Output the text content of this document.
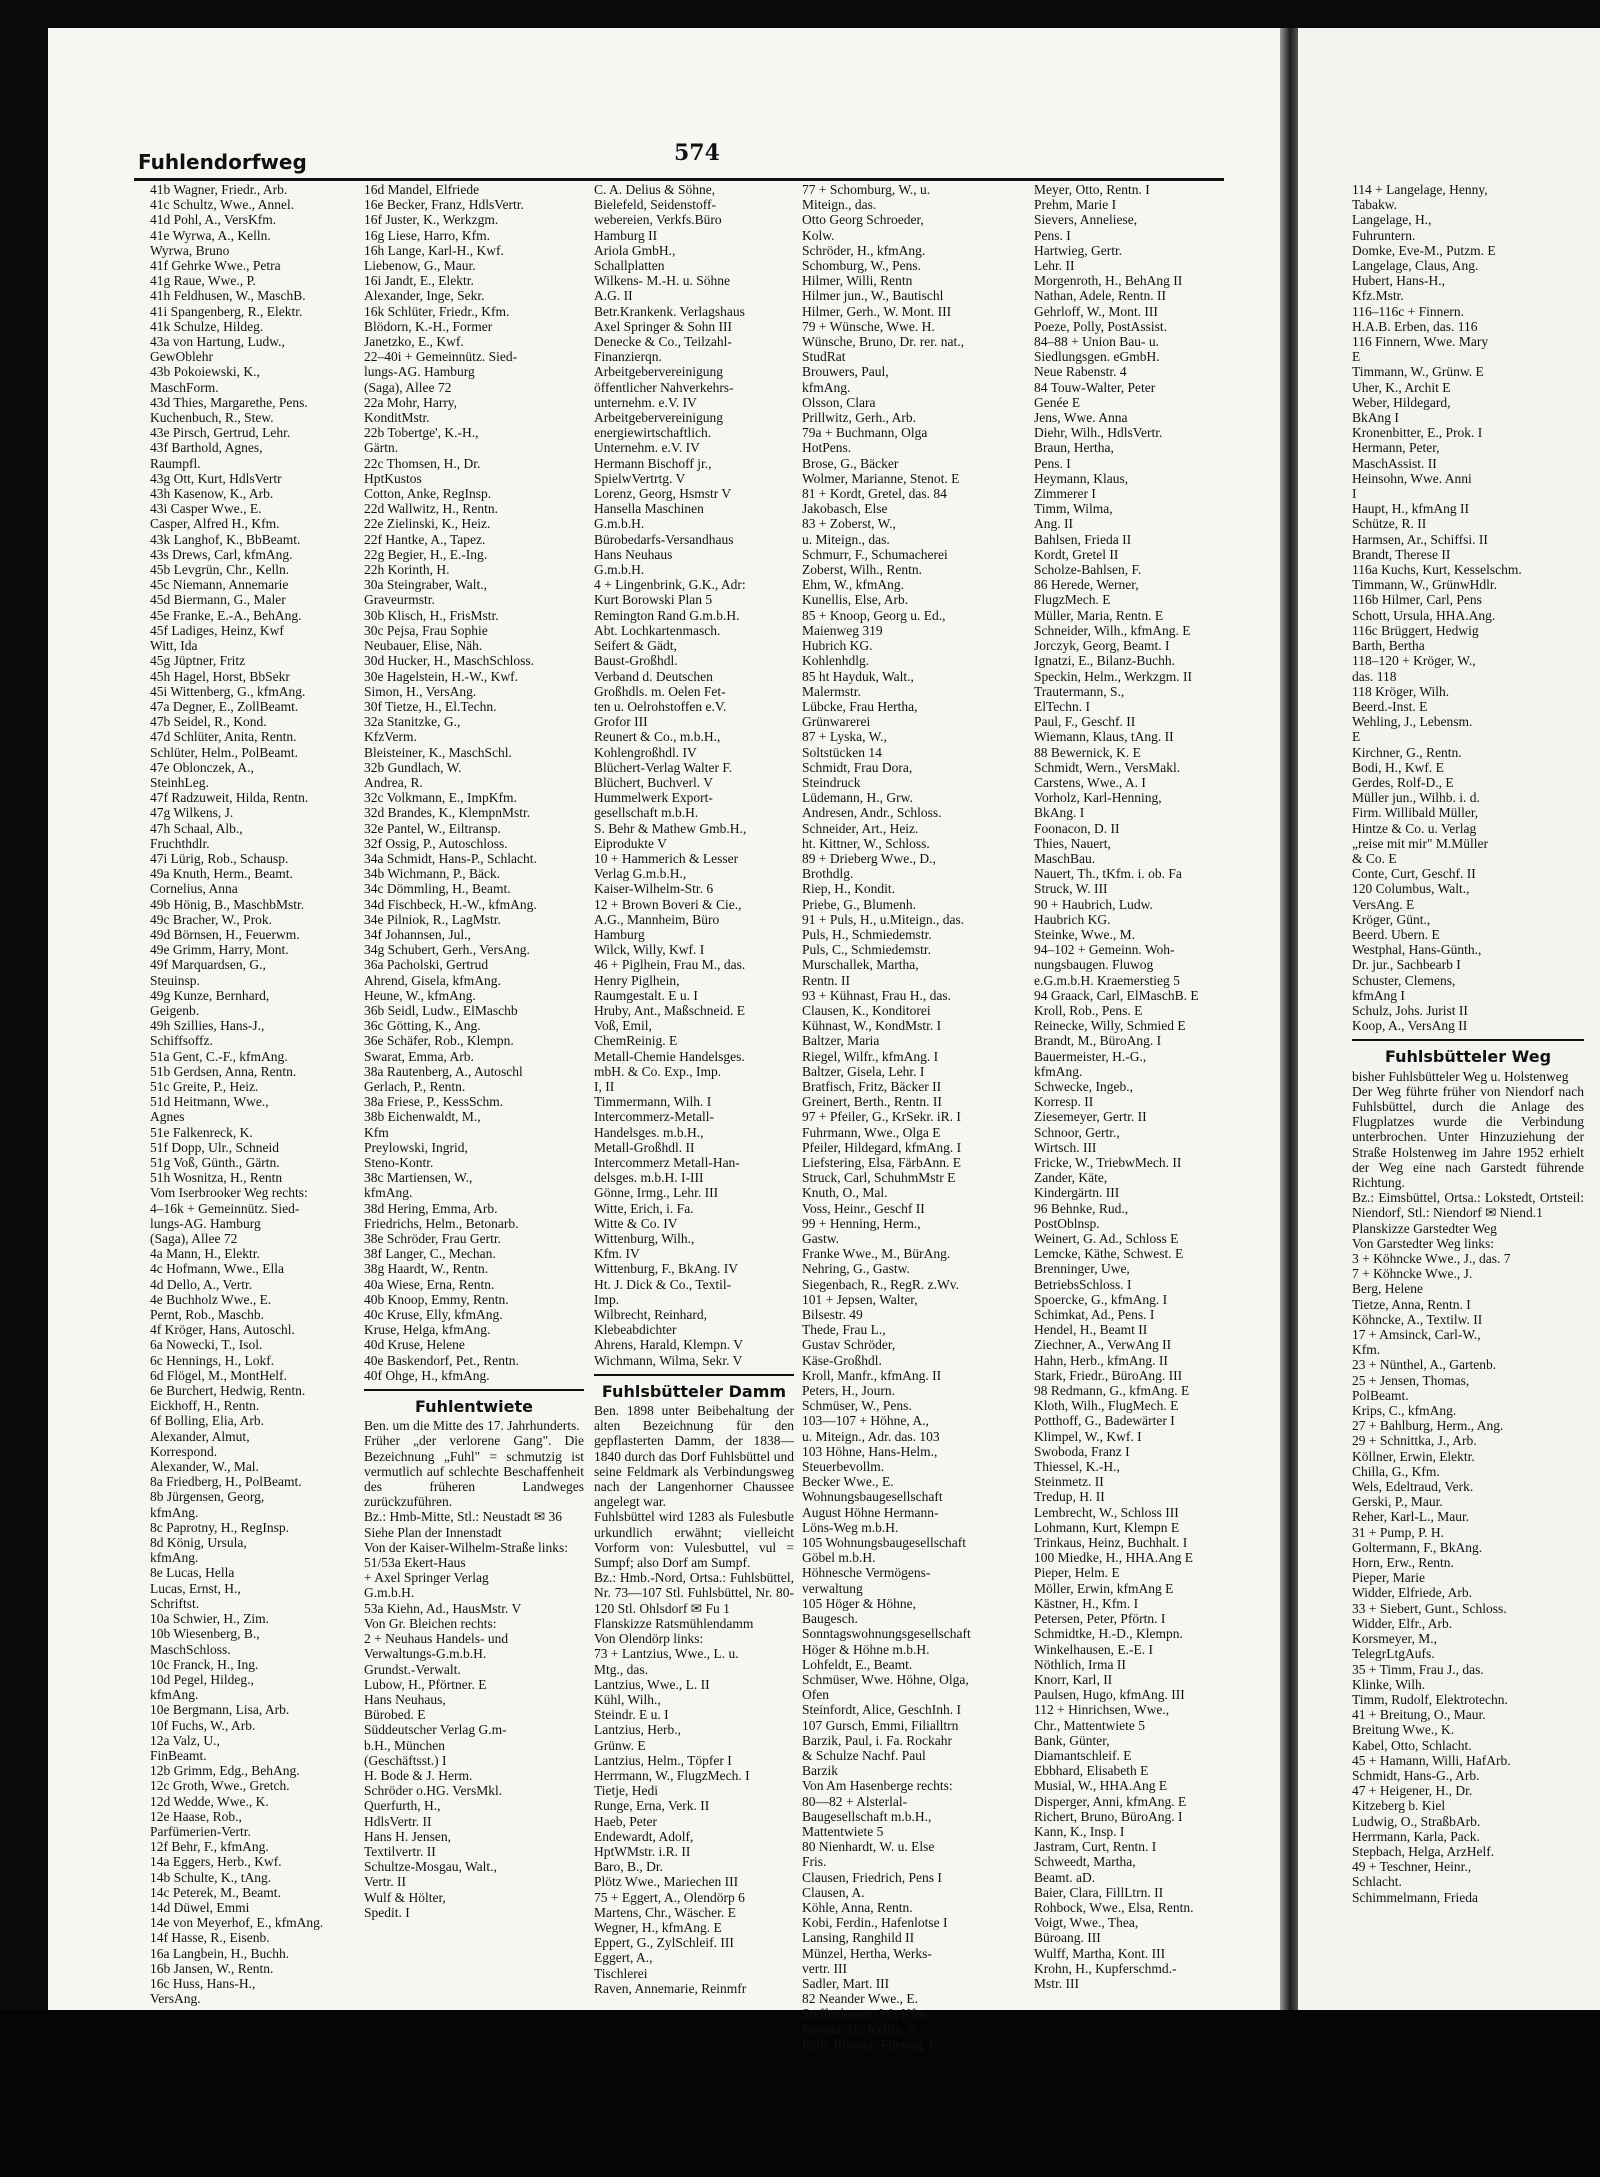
Fuhlendorfweg	574
41b Wagner, Friedr., Arb.
41c Schultz, Wwe., Annel.
41d Pohl, A., VersKfm.
41e Wyrwa, A., Kelln.
Wyrwa, Bruno
41f Gehrke Wwe., Petra
41g Raue, Wwe., P.
41h Feldhusen, W., MaschB.
41i Spangenberg, R., Elektr.
41k Schulze, Hildeg.
43a von Hartung, Ludw.,
GewOblehr
43b Pokoiewski, K.,
MaschForm.
43d Thies, Margarethe, Pens.
Kuchenbuch, R., Stew.
43e Pirsch, Gertrud, Lehr.
43f Barthold, Agnes,
Raumpfl.
43g Ott, Kurt, HdlsVertr
43h Kasenow, K., Arb.
43i Casper Wwe., E.
Casper, Alfred H., Kfm.
43k Langhof, K., BbBeamt.
43s Drews, Carl, kfmAng.
45b Levgrün, Chr., Kelln.
45c Niemann, Annemarie
45d Biermann, G., Maler
45e Franke, E.-A., BehAng.
45f Ladiges, Heinz, Kwf
Witt, Ida
45g Jüptner, Fritz
45h Hagel, Horst, BbSekr
45i Wittenberg, G., kfmAng.
47a Degner, E., ZollBeamt.
47b Seidel, R., Kond.
47d Schlüter, Anita, Rentn.
Schlüter, Helm., PolBeamt.
47e Oblonczek, A.,
SteinhLeg.
47f Radzuweit, Hilda, Rentn.
47g Wilkens, J.
47h Schaal, Alb.,
Fruchthdlr.
47i Lürig, Rob., Schausp.
49a Knuth, Herm., Beamt.
Cornelius, Anna
49b Hönig, B., MaschbMstr.
49c Bracher, W., Prok.
49d Börnsen, H., Feuerwm.
49e Grimm, Harry, Mont.
49f Marquardsen, G.,
Steuinsp.
49g Kunze, Bernhard,
Geigenb.
49h Szillies, Hans-J.,
Schiffsoffz.
51a Gent, C.-F., kfmAng.
51b Gerdsen, Anna, Rentn.
51c Greite, P., Heiz.
51d Heitmann, Wwe.,
Agnes
51e Falkenreck, K.
51f Dopp, Ulr., Schneid
51g Voß, Günth., Gärtn.
51h Wosnitza, H., Rentn
Vom Iserbrooker Weg rechts:
4–16k + Gemeinnütz. Sied-
lungs-AG. Hamburg
(Saga), Allee 72
4a Mann, H., Elektr.
4c Hofmann, Wwe., Ella
4d Dello, A., Vertr.
4e Buchholz Wwe., E.
Pernt, Rob., Maschb.
4f Kröger, Hans, Autoschl.
6a Nowecki, T., Isol.
6c Hennings, H., Lokf.
6d Flögel, M., MontHelf.
6e Burchert, Hedwig, Rentn.
Eickhoff, H., Rentn.
6f Bolling, Elia, Arb.
Alexander, Almut,
Korrespond.
Alexander, W., Mal.
8a Friedberg, H., PolBeamt.
8b Jürgensen, Georg,
kfmAng.
8c Paprotny, H., RegInsp.
8d König, Ursula,
kfmAng.
8e Lucas, Hella
Lucas, Ernst, H.,
Schriftst.
10a Schwier, H., Zim.
10b Wiesenberg, B.,
MaschSchloss.
10c Franck, H., Ing.
10d Pegel, Hildeg.,
kfmAng.
10e Bergmann, Lisa, Arb.
10f Fuchs, W., Arb.
12a Valz, U.,
FinBeamt.
12b Grimm, Edg., BehAng.
12c Groth, Wwe., Gretch.
12d Wedde, Wwe., K.
12e Haase, Rob.,
Parfümerien-Vertr.
12f Behr, F., kfmAng.
14a Eggers, Herb., Kwf.
14b Schulte, K., tAng.
14c Peterek, M., Beamt.
14d Düwel, Emmi
14e von Meyerhof, E., kfmAng.
14f Hasse, R., Eisenb.
16a Langbein, H., Buchh.
16b Jansen, W., Rentn.
16c Huss, Hans-H.,
VersAng.
16d Mandel, Elfriede
16e Becker, Franz, HdlsVertr.
16f Juster, K., Werkzgm.
16g Liese, Harro, Kfm.
16h Lange, Karl-H., Kwf.
Liebenow, G., Maur.
16i Jandt, E., Elektr.
Alexander, Inge, Sekr.
16k Schlüter, Friedr., Kfm.
Blödorn, K.-H., Former
Janetzko, E., Kwf.
22–40i + Gemeinnütz. Sied-
lungs-AG. Hamburg
(Saga), Allee 72
22a Mohr, Harry,
KonditMstr.
22b Tobertge', K.-H.,
Gärtn.
22c Thomsen, H., Dr.
HptKustos
Cotton, Anke, RegInsp.
22d Wallwitz, H., Rentn.
22e Zielinski, K., Heiz.
22f Hantke, A., Tapez.
22g Begier, H., E.-Ing.
22h Korinth, H.
30a Steingraber, Walt.,
Graveurmstr.
30b Klisch, H., FrisMstr.
30c Pejsa, Frau Sophie
Neubauer, Elise, Näh.
30d Hucker, H., MaschSchloss.
30e Hagelstein, H.-W., Kwf.
Simon, H., VersAng.
30f Tietze, H., El.Techn.
32a Stanitzke, G.,
KfzVerm.
Bleisteiner, K., MaschSchl.
32b Gundlach, W.
Andrea, R.
32c Volkmann, E., ImpKfm.
32d Brandes, K., KlempnMstr.
32e Pantel, W., Eiltransp.
32f Ossig, P., Autoschloss.
34a Schmidt, Hans-P., Schlacht.
34b Wichmann, P., Bäck.
34c Dömmling, H., Beamt.
34d Fischbeck, H.-W., kfmAng.
34e Pilniok, R., LagMstr.
34f Johannsen, Jul.,
34g Schubert, Gerh., VersAng.
36a Pacholski, Gertrud
Ahrend, Gisela, kfmAng.
Heune, W., kfmAng.
36b Seidl, Ludw., ElMaschb
36c Götting, K., Ang.
36e Schäfer, Rob., Klempn.
Swarat, Emma, Arb.
38a Rautenberg, A., Autoschl
Gerlach, P., Rentn.
38a Friese, P., KessSchm.
38b Eichenwaldt, M.,
Kfm
Preylowski, Ingrid,
Steno-Kontr.
38c Martiensen, W.,
kfmAng.
38d Hering, Emma, Arb.
Friedrichs, Helm., Betonarb.
38e Schröder, Frau Gertr.
38f Langer, C., Mechan.
38g Haardt, W., Rentn.
40a Wiese, Erna, Rentn.
40b Knoop, Emmy, Rentn.
40c Kruse, Elly, kfmAng.
Kruse, Helga, kfmAng.
40d Kruse, Helene
40e Baskendorf, Pet., Rentn.
40f Ohge, H., kfmAng.
Fuhlentwiete
Ben. um die Mitte des 17. Jahrhunderts.
Früher „der verlorene Gang". Die Bezeichnung „Fuhl" = schmutzig ist vermutlich auf schlechte Beschaffenheit des früheren Landweges zurückzuführen.
Bz.: Hmb-Mitte, Stl.: Neustadt ✉ 36
Siehe Plan der Innenstadt
Von der Kaiser-Wilhelm-Straße links:
51/53a Ekert-Haus
+ Axel Springer Verlag
G.m.b.H.
53a Kiehn, Ad., HausMstr. V
Von Gr. Bleichen rechts:
2 + Neuhaus Handels- und
Verwaltungs-G.m.b.H.
Grundst.-Verwalt.
Lubow, H., Pförtner. E
Hans Neuhaus,
Bürobed. E
Süddeutscher Verlag G.m-
b.H., München
(Geschäftsst.) I
H. Bode & J. Herm.
Schröder o.HG. VersMkl.
Querfurth, H.,
HdlsVertr. II
Hans H. Jensen,
Textilvertr. II
Schultze-Mosgau, Walt.,
Vertr. II
Wulf & Hölter,
Spedit. I
C. A. Delius & Söhne,
Bielefeld, Seidenstoff-
webereien, Verkfs.Büro
Hamburg II
Ariola GmbH.,
Schallplatten
Wilkens- M.-H. u. Söhne
A.G. II
Betr.Krankenk. Verlagshaus
Axel Springer & Sohn III
Denecke & Co., Teilzahl-
Finanzierqn.
Arbeitgebervereinigung
öffentlicher Nahverkehrs-
unternehm. e.V. IV
Arbeitgebervereinigung
energiewirtschaftlich.
Unternehm. e.V. IV
Hermann Bischoff jr.,
SpielwVertrtg. V
Lorenz, Georg, Hsmstr V
Hansella Maschinen
G.m.b.H.
Bürobedarfs-Versandhaus
Hans Neuhaus
G.m.b.H.
4 + Lingenbrink, G.K., Adr:
Kurt Borowski Plan 5
Remington Rand G.m.b.H.
Abt. Lochkartenmasch.
Seifert & Gädt,
Baust-Großhdl.
Verband d. Deutschen
Großhdls. m. Oelen Fet-
ten u. Oelrohstoffen e.V.
Grofor III
Reunert & Co., m.b.H.,
Kohlengroßhdl. IV
Blüchert-Verlag Walter F.
Blüchert, Buchverl. V
Hummelwerk Export-
gesellschaft m.b.H.
S. Behr & Mathew Gmb.H.,
Eiprodukte V
10 + Hammerich & Lesser
Verlag G.m.b.H.,
Kaiser-Wilhelm-Str. 6
12 + Brown Boveri & Cie.,
A.G., Mannheim, Büro
Hamburg
Wilck, Willy, Kwf. I
46 + Piglhein, Frau M., das.
Henry Piglhein,
Raumgestalt. E u. I
Hruby, Ant., Maßschneid. E
Voß, Emil,
ChemReinig. E
Metall-Chemie Handelsges.
mbH. & Co. Exp., Imp.
I, II
Timmermann, Wilh. I
Intercommerz-Metall-
Handelsges. m.b.H.,
Metall-Großhdl. II
Intercommerz Metall-Han-
delsges. m.b.H. I-III
Gönne, Irmg., Lehr. III
Witte, Erich, i. Fa.
Witte & Co. IV
Wittenburg, Wilh.,
Kfm. IV
Wittenburg, F., BkAng. IV
Ht. J. Dick & Co., Textil-
Imp.
Wilbrecht, Reinhard,
Klebeabdichter
Ahrens, Harald, Klempn. V
Wichmann, Wilma, Sekr. V
Fuhlsbütteler Damm
Ben. 1898 unter Beibehaltung der alten Bezeichnung für den gepflasterten Damm, der 1838—1840 durch das Dorf Fuhlsbüttel und seine Feldmark als Verbindungsweg nach der Langenhorner Chaussee angelegt war.
Fuhlsbüttel wird 1283 als Fulesbutle urkundlich erwähnt; vielleicht Vorform von: Vulesbuttel, vul = Sumpf; also Dorf am Sumpf.
Bz.: Hmb.-Nord, Ortsa.: Fuhlsbüttel, Nr. 73—107 Stl. Fuhlsbüttel, Nr. 80-120 Stl. Ohlsdorf ✉ Fu 1
Flanskizze Ratsmühlendamm
Von Olendörp links:
73 + Lantzius, Wwe., L. u.
Mtg., das.
Lantzius, Wwe., L. II
Kühl, Wilh.,
Steindr. E u. I
Lantzius, Herb.,
Grünw. E
Lantzius, Helm., Töpfer I
Herrmann, W., FlugzMech. I
Tietje, Hedi
Runge, Erna, Verk. II
Haeb, Peter
Endewardt, Adolf,
HptWMstr. i.R. II
Baro, B., Dr.
Plötz Wwe., Mariechen III
75 + Eggert, A., Olendörp 6
Martens, Chr., Wäscher. E
Wegner, H., kfmAng. E
Eppert, G., ZylSchleif. III
Eggert, A.,
Tischlerei
Raven, Annemarie, Reinmfr
77 + Schomburg, W., u.
Miteign., das.
Otto Georg Schroeder,
Kolw.
Schröder, H., kfmAng.
Schomburg, W., Pens.
Hilmer, Willi, Rentn
Hilmer jun., W., Bautischl
Hilmer, Gerh., W. Mont. III
79 + Wünsche, Wwe. H.
Wünsche, Bruno, Dr. rer. nat.,
StudRat
Brouwers, Paul,
kfmAng.
Olsson, Clara
Prillwitz, Gerh., Arb.
79a + Buchmann, Olga
HotPens.
Brose, G., Bäcker
Wolmer, Marianne, Stenot. E
81 + Kordt, Gretel, das. 84
Jakobasch, Else
83 + Zoberst, W.,
u. Miteign., das.
Schmurr, F., Schumacherei
Zoberst, Wilh., Rentn.
Ehm, W., kfmAng.
Kunellis, Else, Arb.
85 + Knoop, Georg u. Ed.,
Maienweg 319
Hubrich KG.
Kohlenhdlg.
85 ht Hayduk, Walt.,
Malermstr.
Lübcke, Frau Hertha,
Grünwarerei
87 + Lyska, W.,
Soltstücken 14
Schmidt, Frau Dora,
Steindruck
Lüdemann, H., Grw.
Andresen, Andr., Schloss.
Schneider, Art., Heiz.
ht. Kittner, W., Schloss.
89 + Drieberg Wwe., D.,
Brothdlg.
Riep, H., Kondit.
Priebe, G., Blumenh.
91 + Puls, H., u.Miteign., das.
Puls, H., Schmiedemstr.
Puls, C., Schmiedemstr.
Murschallek, Martha,
Rentn. II
93 + Kühnast, Frau H., das.
Clausen, K., Konditorei
Kühnast, W., KondMstr. I
Baltzer, Maria
Riegel, Wilfr., kfmAng. I
Baltzer, Gisela, Lehr. I
Bratfisch, Fritz, Bäcker II
Greinert, Berth., Rentn. II
97 + Pfeiler, G., KrSekr. iR. I
Fuhrmann, Wwe., Olga E
Pfeiler, Hildegard, kfmAng. I
Liefstering, Elsa, FärbAnn. E
Struck, Carl, SchuhmMstr E
Knuth, O., Mal.
Voss, Heinr., Geschf II
99 + Henning, Herm.,
Gastw.
Franke Wwe., M., BürAng.
Nehring, G., Gastw.
Siegenbach, R., RegR. z.Wv.
101 + Jepsen, Walter,
Bilsestr. 49
Thede, Frau L.,
Gustav Schröder,
Käse-Großhdl.
Kroll, Manfr., kfmAng. II
Peters, H., Journ.
Schmüser, W., Pens.
103—107 + Höhne, A.,
u. Miteign., Adr. das. 103
103 Höhne, Hans-Helm.,
Steuerbevollm.
Becker Wwe., E.
Wohnungsbaugesellschaft
August Höhne Hermann-
Löns-Weg m.b.H.
105 Wohnungsbaugesellschaft
Göbel m.b.H.
Höhnesche Vermögens-
verwaltung
105 Höger & Höhne,
Baugesch.
Sonntagswohnungsgesellschaft
Höger & Höhne m.b.H.
Lohfeldt, E., Beamt.
Schmüser, Wwe. Höhne, Olga,
Ofen
Steinfordt, Alice, GeschInh. I
107 Gursch, Emmi, Filialltrn
Barzik, Paul, i. Fa. Rockahr
& Schulze Nachf. Paul
Barzik
Von Am Hasenberge rechts:
80—82 + Alsterlal-
Baugesellschaft m.b.H.,
Mattentwiete 5
80 Nienhardt, W. u. Else
Fris.
Clausen, Friedrich, Pens I
Clausen, A.
Köhle, Anna, Rentn.
Kobi, Ferdin., Hafenlotse I
Lansing, Ranghild II
Münzel, Hertha, Werks-
vertr. III
Sadler, Mart. III
82 Neander Wwe., E.
Steffenhagen, W., Kfm.
Nowka, H., Kellin. E
Pufe, Rotraut, Fürsorg. I
Meyer, Otto, Rentn. I
Prehm, Marie I
Sievers, Anneliese,
Pens. I
Hartwieg, Gertr.
Lehr. II
Morgenroth, H., BehAng II
Nathan, Adele, Rentn. II
Gehrloff, W., Mont. III
Poeze, Polly, PostAssist.
84–88 + Union Bau- u.
Siedlungsgen. eGmbH.
Neue Rabenstr. 4
84 Touw-Walter, Peter
Genée E
Jens, Wwe. Anna
Diehr, Wilh., HdlsVertr.
Braun, Hertha,
Pens. I
Heymann, Klaus,
Zimmerer I
Timm, Wilma,
Ang. II
Bahlsen, Frieda II
Kordt, Gretel II
Scholze-Bahlsen, F.
86 Herede, Werner,
FlugzMech. E
Müller, Maria, Rentn. E
Schneider, Wilh., kfmAng. E
Jorczyk, Georg, Beamt. I
Ignatzi, E., Bilanz-Buchh.
Speckin, Helm., Werkzgm. II
Trautermann, S.,
ElTechn. I
Paul, F., Geschf. II
Wiemann, Klaus, tAng. II
88 Bewernick, K. E
Schmidt, Wern., VersMakl.
Carstens, Wwe., A. I
Vorholz, Karl-Henning,
BkAng. I
Foonacon, D. II
Thies, Nauert,
MaschBau.
Nauert, Th., tKfm. i. ob. Fa
Struck, W. III
90 + Haubrich, Ludw.
Haubrich KG.
Steinke, Wwe., M.
94–102 + Gemeinn. Woh-
nungsbaugen. Fluwog
e.G.m.b.H. Kraemerstieg 5
94 Graack, Carl, ElMaschB. E
Kroll, Rob., Pens. E
Reinecke, Willy, Schmied E
Brandt, M., BüroAng. I
Bauermeister, H.-G.,
kfmAng.
Schwecke, Ingeb.,
Korresp. II
Ziesemeyer, Gertr. II
Schnoor, Gertr.,
Wirtsch. III
Fricke, W., TriebwMech. II
Zander, Käte,
Kindergärtn. III
96 Behnke, Rud.,
PostOblnsp.
Weinert, G. Ad., Schloss E
Lemcke, Käthe, Schwest. E
Brenninger, Uwe,
BetriebsSchloss. I
Spoercke, G., kfmAng. I
Schimkat, Ad., Pens. I
Hendel, H., Beamt II
Ziechner, A., VerwAng II
Hahn, Herb., kfmAng. II
Stark, Friedr., BüroAng. III
98 Redmann, G., kfmAng. E
Kloth, Wilh., FlugMech. E
Potthoff, G., Badewärter I
Klimpel, W., Kwf. I
Swoboda, Franz I
Thiessel, K.-H.,
Steinmetz. II
Tredup, H. II
Lembrecht, W., Schloss III
Lohmann, Kurt, Klempn E
Trinkaus, Heinz, Buchhalt. I
100 Miedke, H., HHA.Ang E
Pieper, Helm. E
Möller, Erwin, kfmAng E
Kästner, H., Kfm. I
Petersen, Peter, Pförtn. I
Schmidtke, H.-D., Klempn.
Winkelhausen, E.-E. I
Nöthlich, Irma II
Knorr, Karl, II
Paulsen, Hugo, kfmAng. III
112 + Hinrichsen, Wwe.,
Chr., Mattentwiete 5
Bank, Günter,
Diamantschleif. E
Ebbhard, Elisabeth E
Musial, W., HHA.Ang E
Disperger, Anni, kfmAng. E
Richert, Bruno, BüroAng. I
Kann, K., Insp. I
Jastram, Curt, Rentn. I
Schweedt, Martha,
Beamt. aD.
Baier, Clara, FillLtrn. II
Rohbock, Wwe., Elsa, Rentn.
Voigt, Wwe., Thea,
Büroang. III
Wulff, Martha, Kont. III
Krohn, H., Kupferschmd.-
Mstr. III
114 + Langelage, Henny,
Tabakw.
Langelage, H.,
Fuhruntern.
Domke, Eve-M., Putzm. E
Langelage, Claus, Ang.
Hubert, Hans-H.,
Kfz.Mstr.
116–116c + Finnern.
H.A.B. Erben, das. 116
116 Finnern, Wwe. Mary
E
Timmann, W., Grünw. E
Uher, K., Archit E
Weber, Hildegard,
BkAng I
Kronenbitter, E., Prok. I
Hermann, Peter,
MaschAssist. II
Heinsohn, Wwe. Anni
I
Haupt, H., kfmAng II
Schütze, R. II
Harmsen, Ar., Schiffsi. II
Brandt, Therese II
116a Kuchs, Kurt, Kesselschm.
Timmann, W., GrünwHdlr.
116b Hilmer, Carl, Pens
Schott, Ursula, HHA.Ang.
116c Brüggert, Hedwig
Barth, Bertha
118–120 + Kröger, W.,
das. 118
118 Kröger, Wilh.
Beerd.-Inst. E
Wehling, J., Lebensm.
E
Kirchner, G., Rentn.
Bodi, H., Kwf. E
Gerdes, Rolf-D., E
Müller jun., Wilhb. i. d.
Firm. Willibald Müller,
Hintze & Co. u. Verlag
„reise mit mir" M.Müller
& Co. E
Conte, Curt, Geschf. II
120 Columbus, Walt.,
VersAng. E
Kröger, Günt.,
Beerd. Ubern. E
Westphal, Hans-Günth.,
Dr. jur., Sachbearb I
Schuster, Clemens,
kfmAng I
Schulz, Johs. Jurist II
Koop, A., VersAng II
Fuhlsbütteler Weg
bisher Fuhlsbütteler Weg u. Holstenweg
Der Weg führte früher von Niendorf nach Fuhlsbüttel, durch die Anlage des Flugplatzes wurde die Verbindung unterbrochen. Unter Hinzuziehung der Straße Holstenweg im Jahre 1952 erhielt der Weg eine nach Garstedt führende Richtung.
Bz.: Eimsbüttel, Ortsa.: Lokstedt, Ortsteil: Niendorf, Stl.: Niendorf ✉ Niend.1
Planskizze Garstedter Weg
Von Garstedter Weg links:
3 + Köhncke Wwe., J., das. 7
7 + Köhncke Wwe., J.
Berg, Helene
Tietze, Anna, Rentn. I
Köhncke, A., Textilw. II
17 + Amsinck, Carl-W.,
Kfm.
23 + Nünthel, A., Gartenb.
25 + Jensen, Thomas,
PolBeamt.
Krips, C., kfmAng.
27 + Bahlburg, Herm., Ang.
29 + Schnittka, J., Arb.
Köllner, Erwin, Elektr.
Chilla, G., Kfm.
Wels, Edeltraud, Verk.
Gerski, P., Maur.
Reher, Karl-L., Maur.
31 + Pump, P. H.
Goltermann, F., BkAng.
Horn, Erw., Rentn.
Pieper, Marie
Widder, Elfriede, Arb.
33 + Siebert, Gunt., Schloss.
Widder, Elfr., Arb.
Korsmeyer, M.,
TelegrLtgAufs.
35 + Timm, Frau J., das.
Klinke, Wilh.
Timm, Rudolf, Elektrotechn.
41 + Breitung, O., Maur.
Breitung Wwe., K.
Kabel, Otto, Schlacht.
45 + Hamann, Willi, HafArb.
Schmidt, Hans-G., Arb.
47 + Heigener, H., Dr.
Kitzeberg b. Kiel
Ludwig, O., StraßbArb.
Herrmann, Karla, Pack.
Stepbach, Helga, ArzHelf.
49 + Teschner, Heinr.,
Schlacht.
Schimmelmann, Frieda
